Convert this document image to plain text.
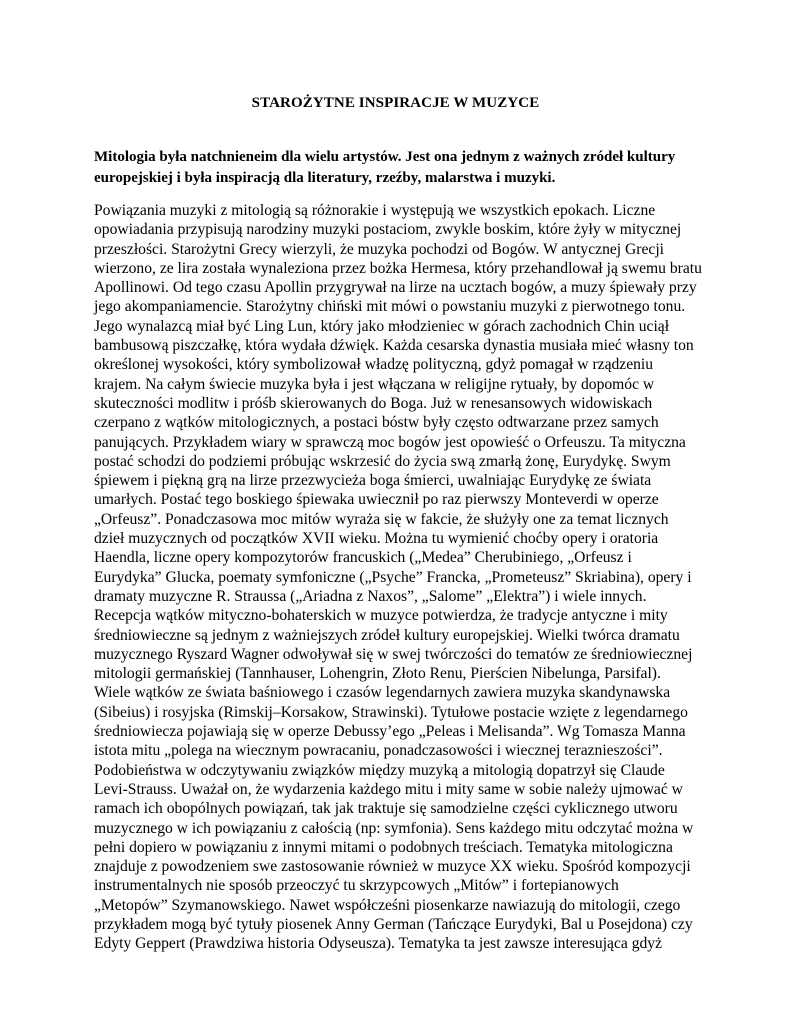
STAROŻYTNE INSPIRACJE W MUZYCE
Mitologia była natchnieneim dla wielu artystów. Jest ona jednym z ważnych zródeł kultury
europejskiej i była inspiracją dla literatury, rzeźby, malarstwa i muzyki.
Powiązania muzyki z mitologią są różnorakie i występują we wszystkich epokach. Liczne
opowiadania przypisują narodziny muzyki postaciom, zwykle boskim, które żyły w mitycznej
przeszłości. Starożytni Grecy wierzyli, że muzyka pochodzi od Bogów. W antycznej Grecji
wierzono, ze lira została wynaleziona przez bożka Hermesa, który przehandlował ją swemu bratu
Apollinowi. Od tego czasu Apollin przygrywał na lirze na ucztach bogów, a muzy śpiewały przy
jego akompaniamencie. Starożytny chiński mit mówi o powstaniu muzyki z pierwotnego tonu.
Jego wynalazcą miał być Ling Lun, który jako młodzieniec w górach zachodnich Chin uciął
bambusową piszczałkę, która wydała dźwięk. Każda cesarska dynastia musiała mieć własny ton
określonej wysokości, który symbolizował władzę polityczną, gdyż pomagał w rządzeniu
krajem. Na całym świecie muzyka była i jest włączana w religijne rytuały, by dopomóc w
skuteczności modlitw i próśb skierowanych do Boga. Już w renesansowych widowiskach
czerpano z wątków mitologicznych, a postaci bóstw były często odtwarzane przez samych
panujących. Przykładem wiary w sprawczą moc bogów jest opowieść o Orfeuszu. Ta mityczna
postać schodzi do podziemi próbując wskrzesić do życia swą zmarłą żonę, Eurydykę. Swym
śpiewem i piękną grą na lirze przezwycieża boga śmierci, uwalniając Eurydykę ze świata
umarłych. Postać tego boskiego śpiewaka uwiecznił po raz pierwszy Monteverdi w operze
„Orfeusz”. Ponadczasowa moc mitów wyraża się w fakcie, że służyły one za temat licznych
dzieł muzycznych od początków XVII wieku. Można tu wymienić choćby opery i oratoria
Haendla, liczne opery kompozytorów francuskich („Medea” Cherubiniego, „Orfeusz i
Eurydyka” Glucka, poematy symfoniczne („Psyche” Francka, „Prometeusz” Skriabina), opery i
dramaty muzyczne R. Straussa („Ariadna z Naxos”, „Salome” „Elektra”) i wiele innych.
Recepcja wątków mityczno-bohaterskich w muzyce potwierdza, że tradycje antyczne i mity
średniowieczne są jednym z ważniejszych zródeł kultury europejskiej. Wielki twórca dramatu
muzycznego Ryszard Wagner odwoływał się w swej twórczości do tematów ze średniowiecznej
mitologii germańskiej (Tannhauser, Lohengrin, Złoto Renu, Pierścien Nibelunga, Parsifal).
Wiele wątków ze świata baśniowego i czasów legendarnych zawiera muzyka skandynawska
(Sibeius) i rosyjska (Rimskij–Korsakow, Strawinski). Tytułowe postacie wzięte z legendarnego
średniowiecza pojawiają się w operze Debussy’ego „Peleas i Melisanda”. Wg Tomasza Manna
istota mitu „polega na wiecznym powracaniu, ponadczasowości i wiecznej teraznieszości”.
Podobieństwa w odczytywaniu związków między muzyką a mitologią dopatrzył się Claude
Levi-Strauss. Uważał on, że wydarzenia każdego mitu i mity same w sobie należy ujmować w
ramach ich obopólnych powiązań, tak jak traktuje się samodzielne części cyklicznego utworu
muzycznego w ich powiązaniu z całością (np: symfonia). Sens każdego mitu odczytać można w
pełni dopiero w powiązaniu z innymi mitami o podobnych treściach. Tematyka mitologiczna
znajduje z powodzeniem swe zastosowanie również w muzyce XX wieku. Spośród kompozycji
instrumentalnych nie sposób przeoczyć tu skrzypcowych „Mitów” i fortepianowych
„Metopów” Szymanowskiego. Nawet współcześni piosenkarze nawiazują do mitologii, czego
przykładem mogą być tytuły piosenek Anny German (Tańczące Eurydyki, Bal u Posejdona) czy
Edyty Geppert (Prawdziwa historia Odyseusza). Tematyka ta jest zawsze interesująca gdyż
